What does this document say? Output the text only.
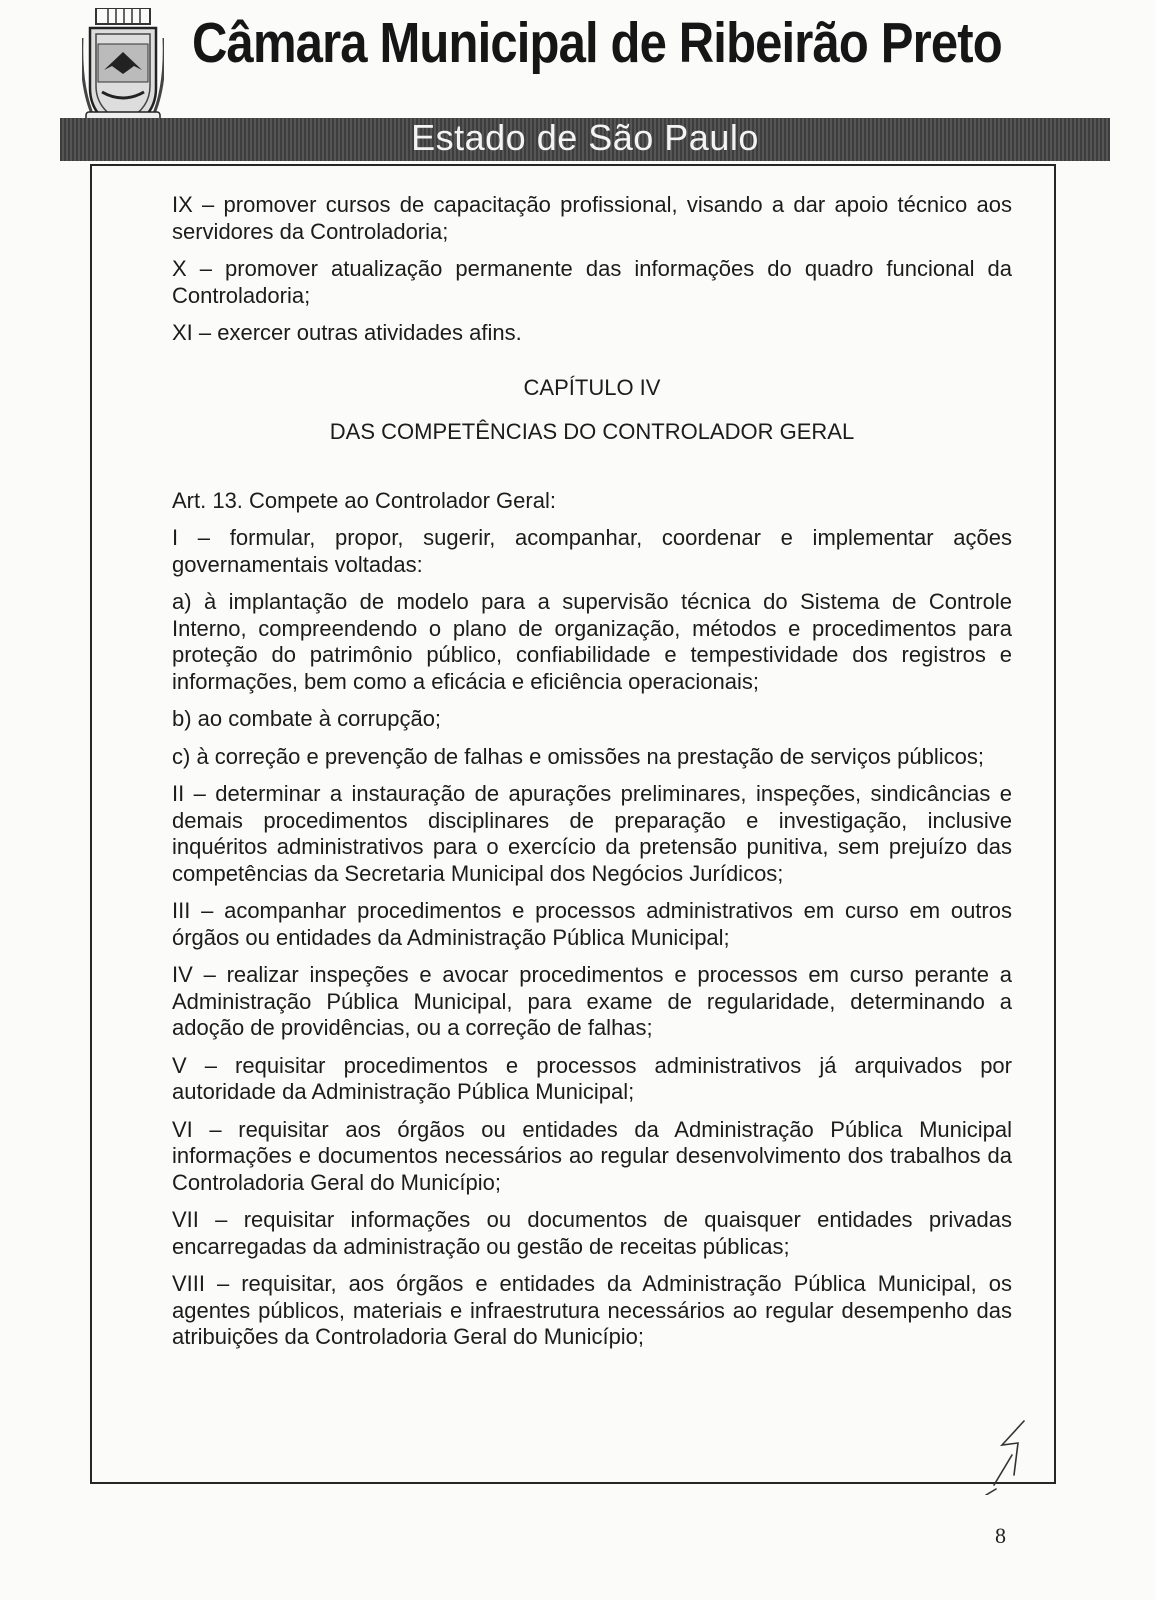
Câmara Municipal de Ribeirão Preto
Estado de São Paulo

IX – promover cursos de capacitação profissional, visando a dar apoio técnico aos servidores da Controladoria;

X – promover atualização permanente das informações do quadro funcional da Controladoria;

XI – exercer outras atividades afins.

CAPÍTULO IV

DAS COMPETÊNCIAS DO CONTROLADOR GERAL

Art. 13. Compete ao Controlador Geral:

I – formular, propor, sugerir, acompanhar, coordenar e implementar ações governamentais voltadas:

a) à implantação de modelo para a supervisão técnica do Sistema de Controle Interno, compreendendo o plano de organização, métodos e procedimentos para proteção do patrimônio público, confiabilidade e tempestividade dos registros e informações, bem como a eficácia e eficiência operacionais;

b) ao combate à corrupção;

c) à correção e prevenção de falhas e omissões na prestação de serviços públicos;

II – determinar a instauração de apurações preliminares, inspeções, sindicâncias e demais procedimentos disciplinares de preparação e investigação, inclusive inquéritos administrativos para o exercício da pretensão punitiva, sem prejuízo das competências da Secretaria Municipal dos Negócios Jurídicos;

III – acompanhar procedimentos e processos administrativos em curso em outros órgãos ou entidades da Administração Pública Municipal;

IV – realizar inspeções e avocar procedimentos e processos em curso perante a Administração Pública Municipal, para exame de regularidade, determinando a adoção de providências, ou a correção de falhas;

V – requisitar procedimentos e processos administrativos já arquivados por autoridade da Administração Pública Municipal;

VI – requisitar aos órgãos ou entidades da Administração Pública Municipal informações e documentos necessários ao regular desenvolvimento dos trabalhos da Controladoria Geral do Município;

VII – requisitar informações ou documentos de quaisquer entidades privadas encarregadas da administração ou gestão de receitas públicas;

VIII – requisitar, aos órgãos e entidades da Administração Pública Municipal, os agentes públicos, materiais e infraestrutura necessários ao regular desempenho das atribuições da Controladoria Geral do Município;

8
